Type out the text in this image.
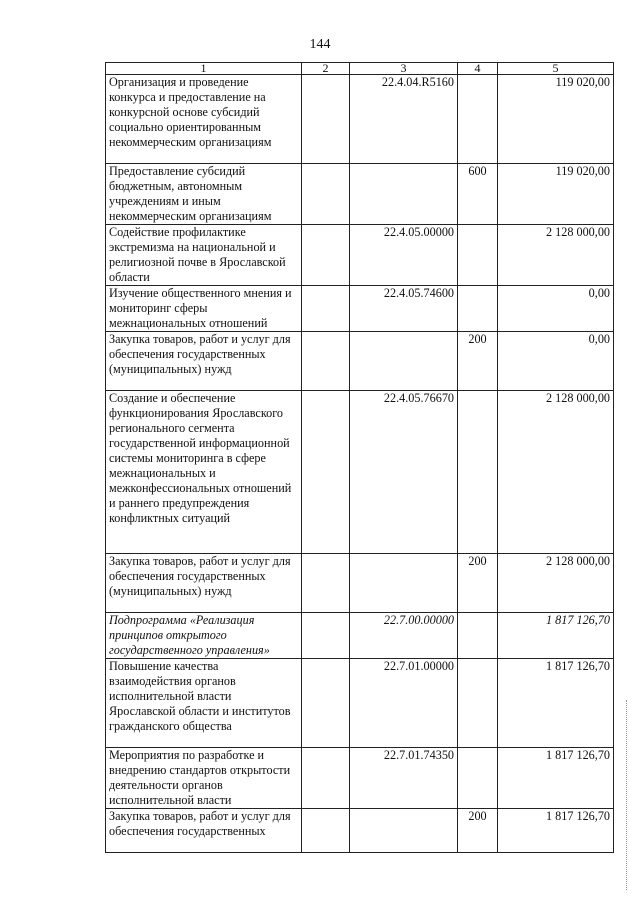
144
1	2	3	4	5
Организация и проведение конкурса и предоставление на конкурсной основе субсидий социально ориентированным некоммерческим организациям		22.4.04.R5160		119 020,00
Предоставление субсидий бюджетным, автономным учреждениям и иным некоммерческим организациям			600	119 020,00
Содействие профилактике экстремизма на национальной и религиозной почве в Ярославской области		22.4.05.00000		2 128 000,00
Изучение общественного мнения и мониторинг сферы межнациональных отношений		22.4.05.74600		0,00
Закупка товаров, работ и услуг для обеспечения государственных (муниципальных) нужд			200	0,00
Создание и обеспечение функционирования Ярославского регионального сегмента государственной информационной системы мониторинга в сфере межнациональных и межконфессиональных отношений и раннего предупреждения конфликтных ситуаций		22.4.05.76670		2 128 000,00
Закупка товаров, работ и услуг для обеспечения государственных (муниципальных) нужд			200	2 128 000,00
Подпрограмма «Реализация принципов открытого государственного управления»		22.7.00.00000		1 817 126,70
Повышение качества взаимодействия органов исполнительной власти Ярославской области и институтов гражданского общества		22.7.01.00000		1 817 126,70
Мероприятия по разработке и внедрению стандартов открытости деятельности органов исполнительной власти		22.7.01.74350		1 817 126,70
Закупка товаров, работ и услуг для обеспечения государственных			200	1 817 126,70
